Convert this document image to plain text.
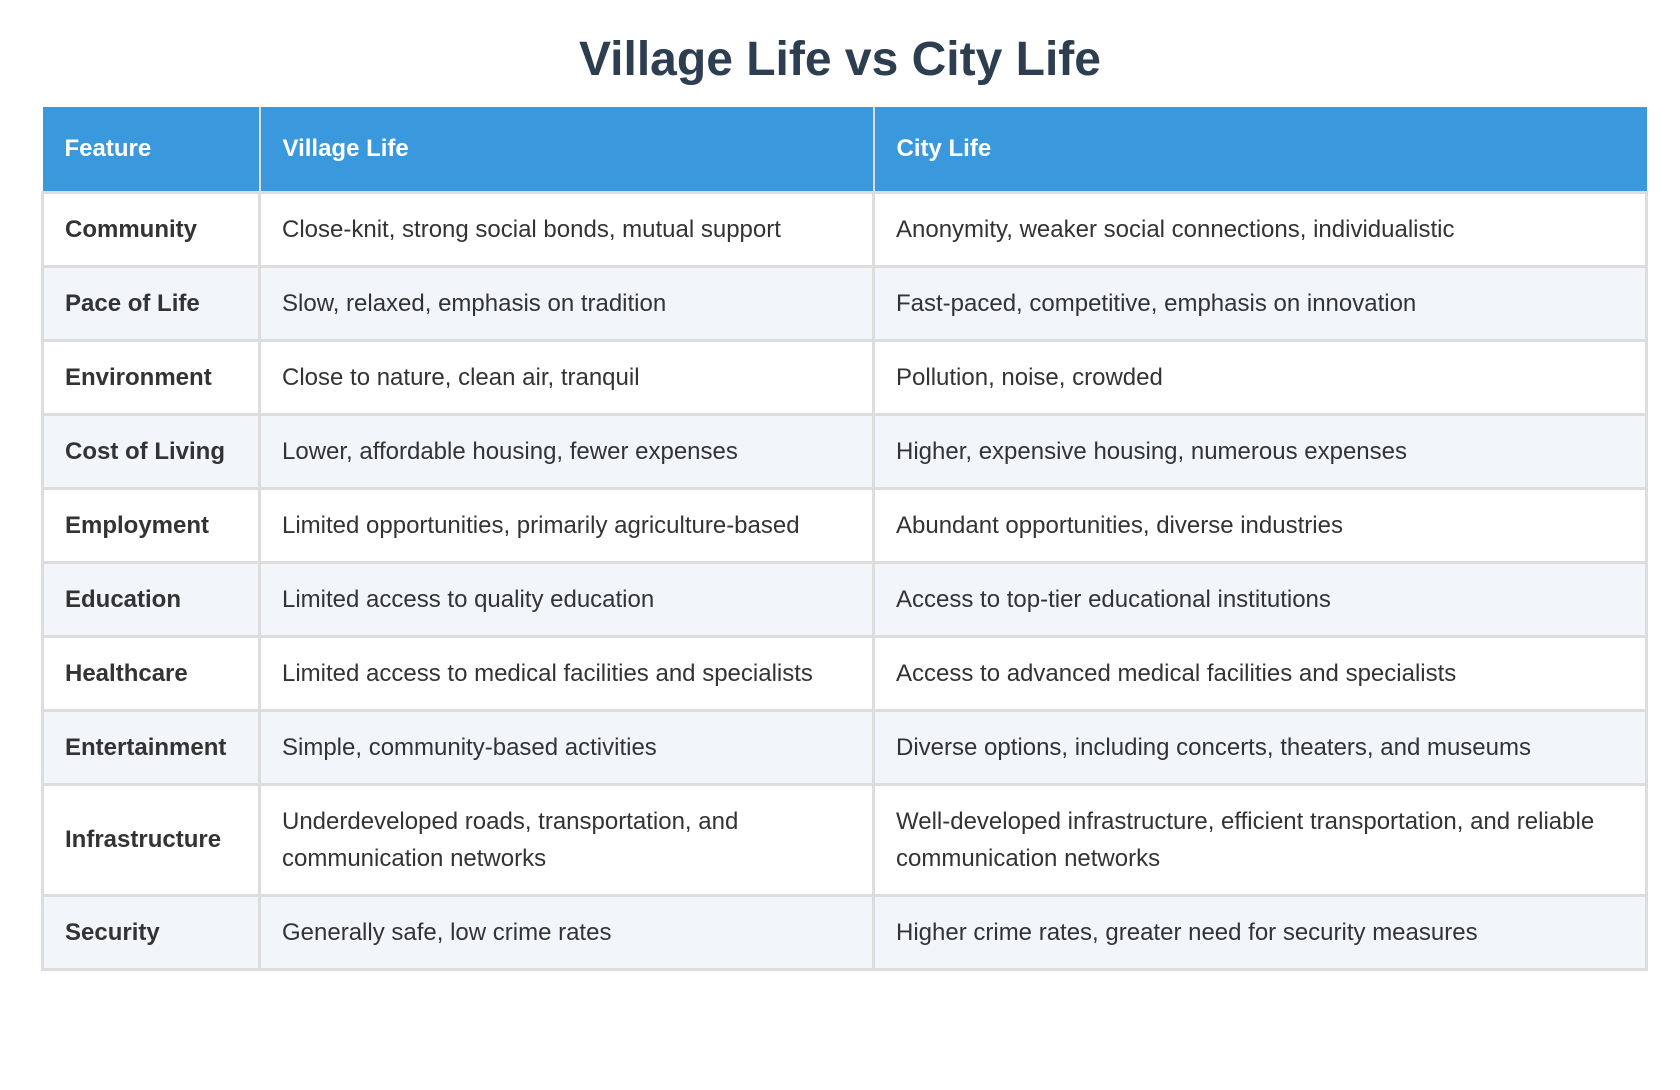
Village Life vs City Life
Feature	Village Life	City Life
Community	Close-knit, strong social bonds, mutual support	Anonymity, weaker social connections, individualistic
Pace of Life	Slow, relaxed, emphasis on tradition	Fast-paced, competitive, emphasis on innovation
Environment	Close to nature, clean air, tranquil	Pollution, noise, crowded
Cost of Living	Lower, affordable housing, fewer expenses	Higher, expensive housing, numerous expenses
Employment	Limited opportunities, primarily agriculture-based	Abundant opportunities, diverse industries
Education	Limited access to quality education	Access to top-tier educational institutions
Healthcare	Limited access to medical facilities and specialists	Access to advanced medical facilities and specialists
Entertainment	Simple, community-based activities	Diverse options, including concerts, theaters, and museums
Infrastructure	Underdeveloped roads, transportation, and communication networks	Well-developed infrastructure, efficient transportation, and reliable communication networks
Security	Generally safe, low crime rates	Higher crime rates, greater need for security measures
